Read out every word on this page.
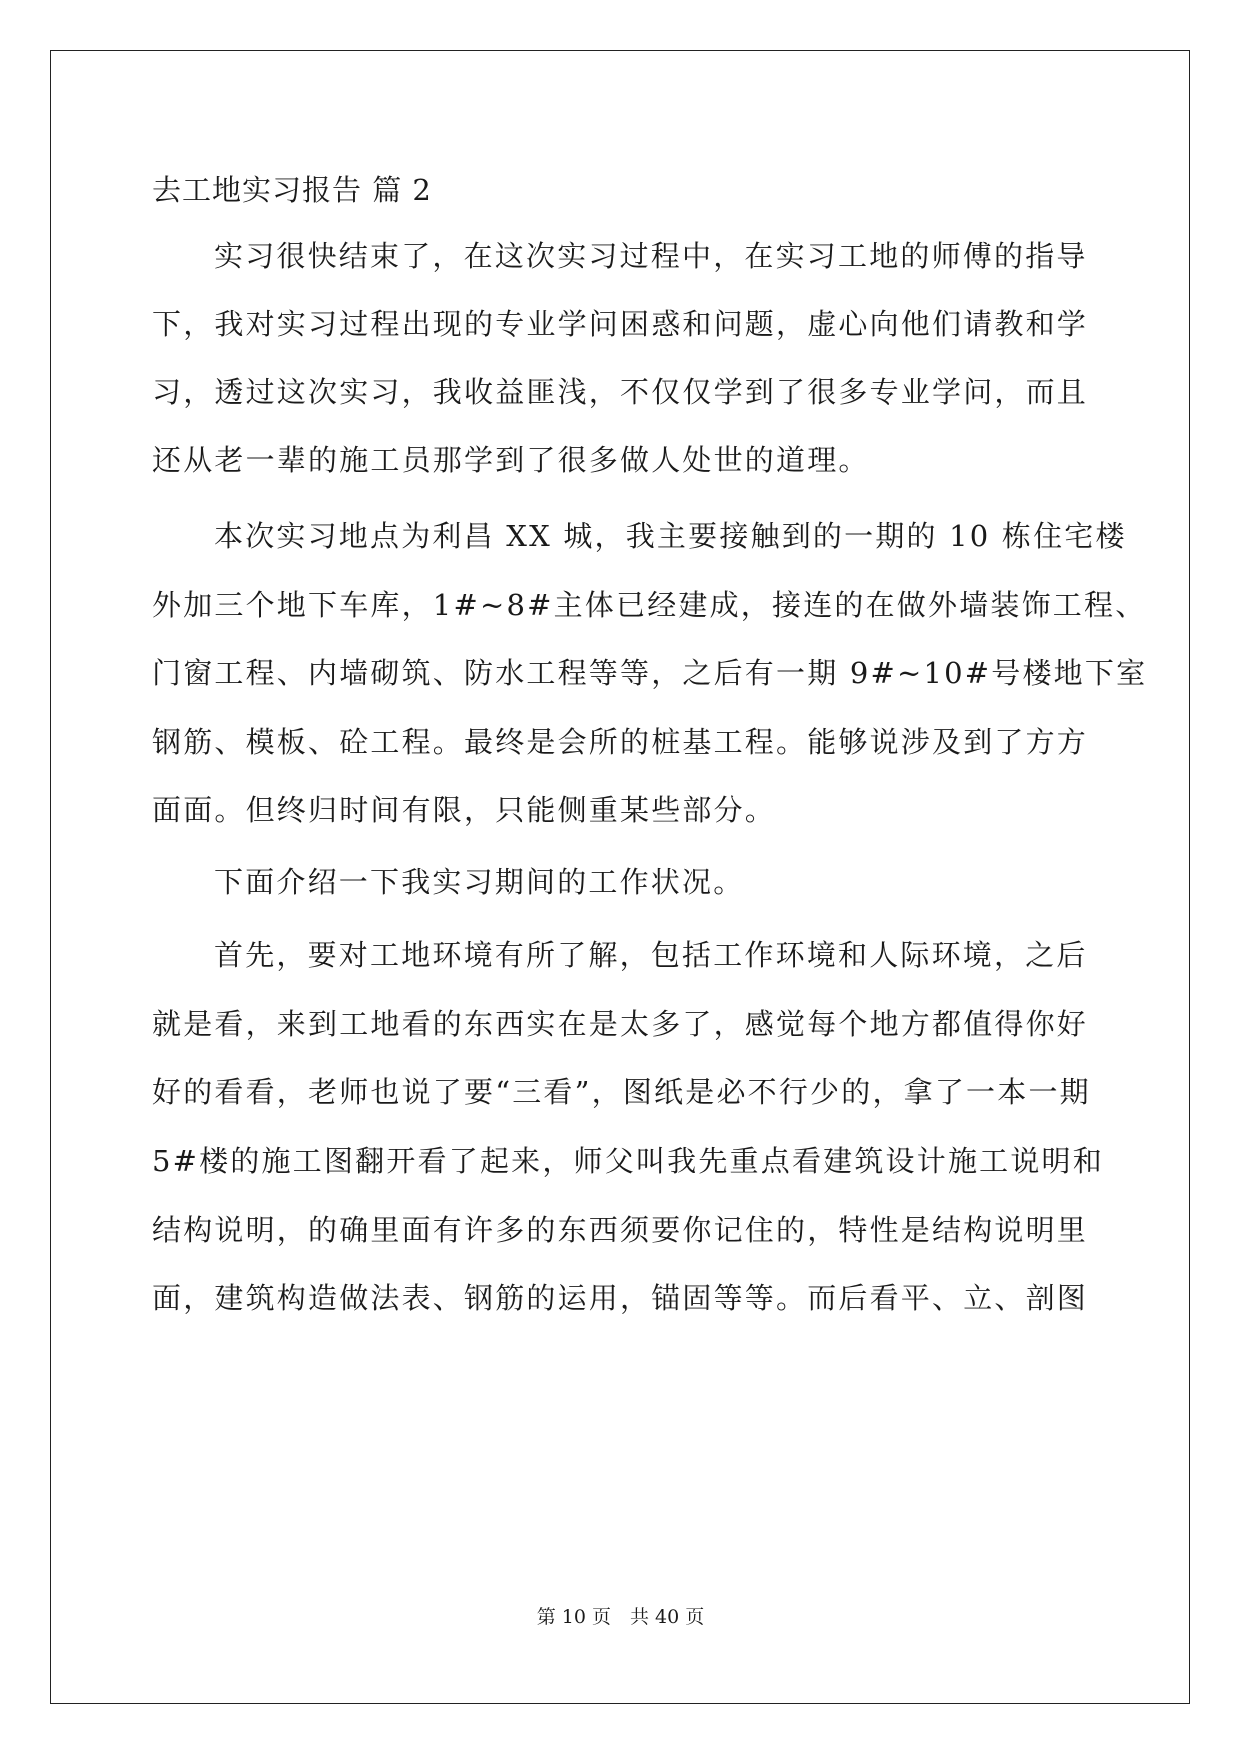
去工地实习报告 篇 2
实习很快结束了，在这次实习过程中，在实习工地的师傅的指导
下，我对实习过程出现的专业学问困惑和问题，虚心向他们请教和学
习，透过这次实习，我收益匪浅，不仅仅学到了很多专业学问，而且
还从老一辈的施工员那学到了很多做人处世的道理。
本次实习地点为利昌 XX 城，我主要接触到的一期的 10 栋住宅楼
外加三个地下车库，1#~8#主体已经建成，接连的在做外墙装饰工程、
门窗工程、内墙砌筑、防水工程等等，之后有一期 9#~10#号楼地下室
钢筋、模板、砼工程。最终是会所的桩基工程。能够说涉及到了方方
面面。但终归时间有限，只能侧重某些部分。
下面介绍一下我实习期间的工作状况。
首先，要对工地环境有所了解，包括工作环境和人际环境，之后
就是看，来到工地看的东西实在是太多了，感觉每个地方都值得你好
好的看看，老师也说了要“三看”，图纸是必不行少的，拿了一本一期
5#楼的施工图翻开看了起来，师父叫我先重点看建筑设计施工说明和
结构说明，的确里面有许多的东西须要你记住的，特性是结构说明里
面，建筑构造做法表、钢筋的运用，锚固等等。而后看平、立、剖图
第 10 页　共 40 页
